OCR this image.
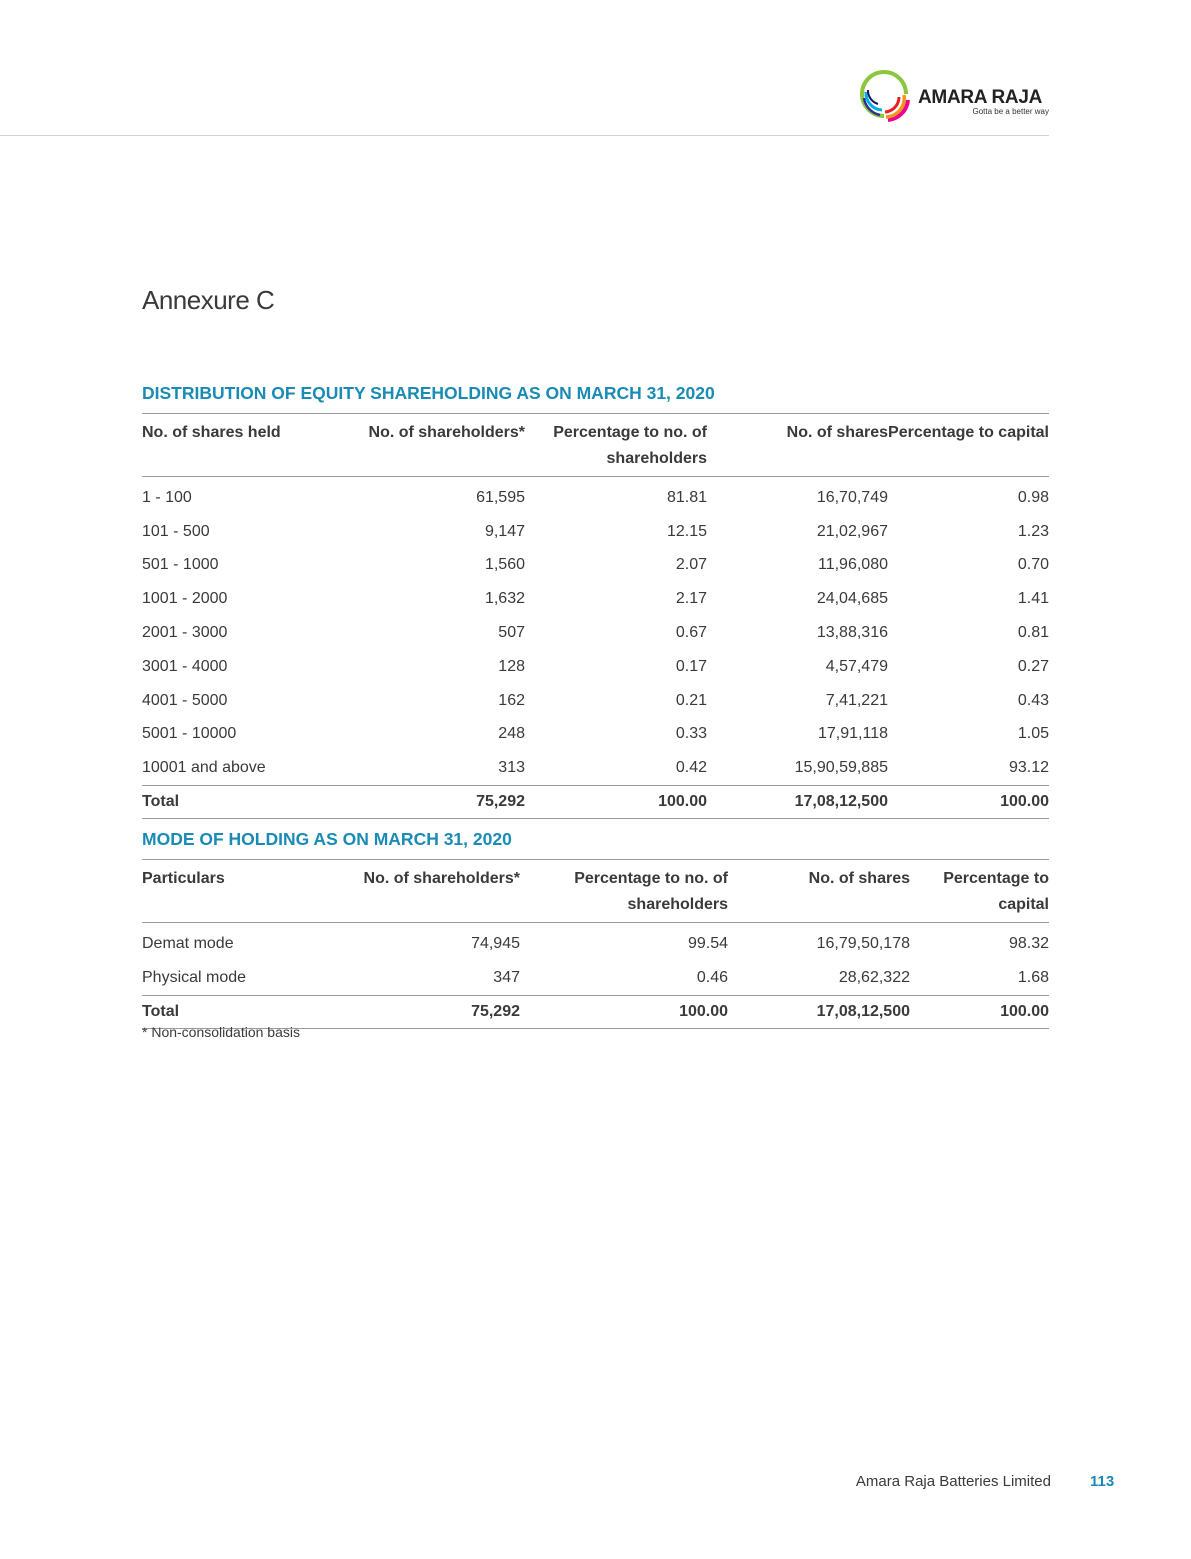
AMARA RAJA
Gotta be a better way
Annexure C
DISTRIBUTION OF EQUITY SHAREHOLDING AS ON MARCH 31, 2020
No. of shares held	No. of shareholders*	Percentage to no. of shareholders	No. of shares	Percentage to capital
1 - 100	61,595	81.81	16,70,749	0.98
101 - 500	9,147	12.15	21,02,967	1.23
501 - 1000	1,560	2.07	11,96,080	0.70
1001 - 2000	1,632	2.17	24,04,685	1.41
2001 - 3000	507	0.67	13,88,316	0.81
3001 - 4000	128	0.17	4,57,479	0.27
4001 - 5000	162	0.21	7,41,221	0.43
5001 - 10000	248	0.33	17,91,118	1.05
10001 and above	313	0.42	15,90,59,885	93.12
Total	75,292	100.00	17,08,12,500	100.00
MODE OF HOLDING AS ON MARCH 31, 2020
Particulars	No. of shareholders*	Percentage to no. of shareholders	No. of shares	Percentage to capital
Demat mode	74,945	99.54	16,79,50,178	98.32
Physical mode	347	0.46	28,62,322	1.68
Total	75,292	100.00	17,08,12,500	100.00
* Non-consolidation basis
Amara Raja Batteries Limited	113
